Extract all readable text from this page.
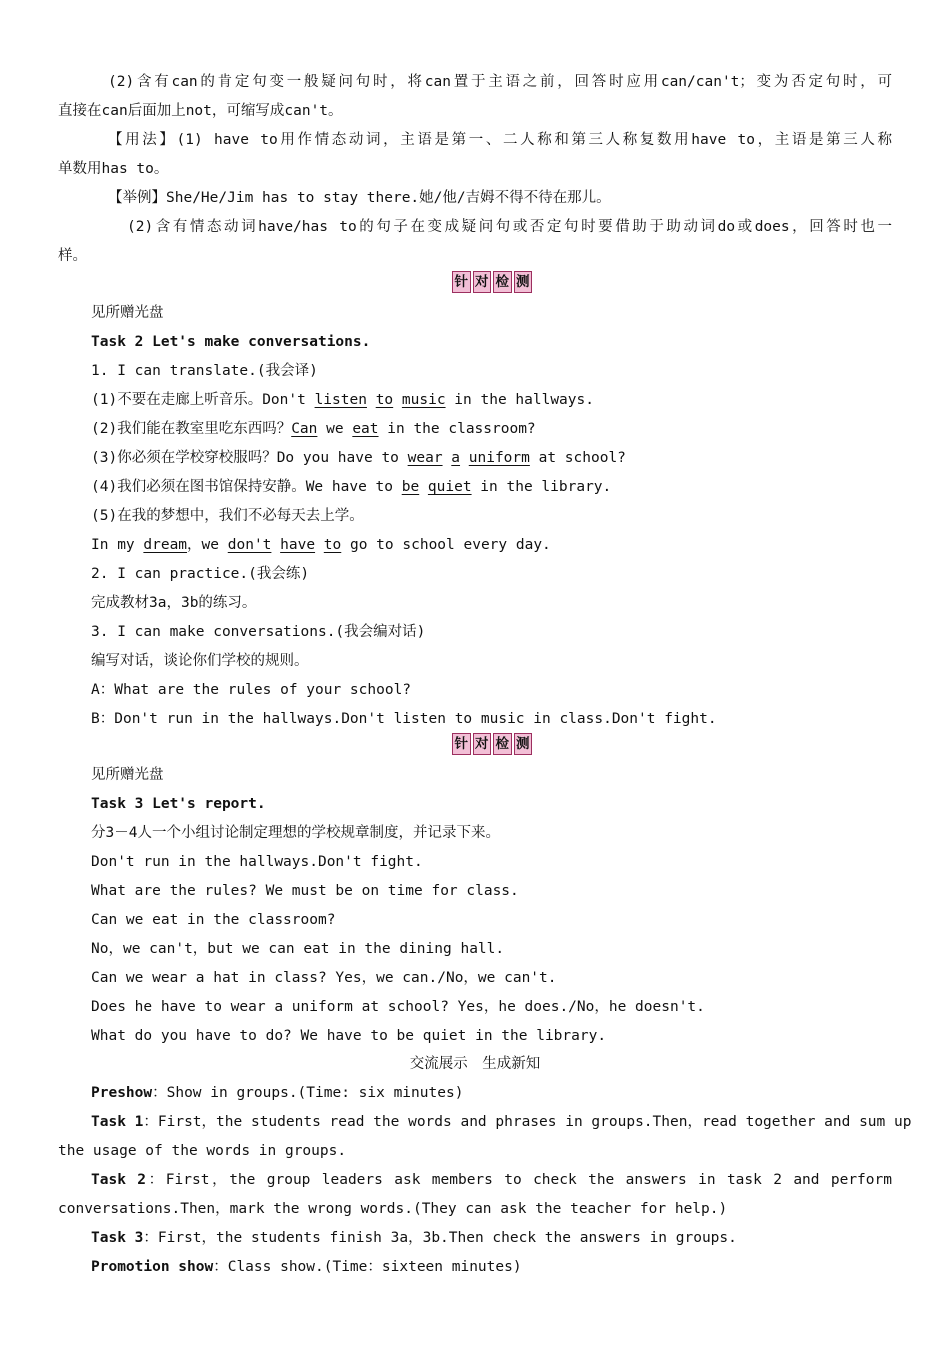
(2)含有can的肯定句变一般疑问句时，将can置于主语之前，回答时应用can/can't；变为否定句时，可
直接在can后面加上not，可缩写成can't。
【用法】(1) have to用作情态动词，主语是第一、二人称和第三人称复数用have to，主语是第三人称
单数用has to。
【举例】She/He/Jim has to stay there.她/他/吉姆不得不待在那儿。
(2)含有情态动词have/has to的句子在变成疑问句或否定句时要借助于助动词do或does，回答时也一
样。
针 对 检 测
见所赠光盘
Task 2 Let's make conversations.
1. I can translate.(我会译)
(1)不要在走廊上听音乐。Don't listen to music in the hallways.
(2)我们能在教室里吃东西吗？Can we eat in the classroom?
(3)你必须在学校穿校服吗？Do you have to wear a uniform at school?
(4)我们必须在图书馆保持安静。We have to be quiet in the library.
(5)在我的梦想中，我们不必每天去上学。
In my dream，we don't have to go to school every day.
2. I can practice.(我会练)
完成教材3a，3b的练习。
3. I can make conversations.(我会编对话)
编写对话，谈论你们学校的规则。
A：What are the rules of your school?
B：Don't run in the hallways.Don't listen to music in class.Don't fight.
针 对 检 测
见所赠光盘
Task 3 Let's report.
分3－4人一个小组讨论制定理想的学校规章制度，并记录下来。
Don't run in the hallways.Don't fight.
What are the rules? We must be on time for class.
Can we eat in the classroom?
No，we can't，but we can eat in the dining hall.
Can we wear a hat in class? Yes，we can./No，we can't.
Does he have to wear a uniform at school? Yes，he does./No，he doesn't.
What do you have to do? We have to be quiet in the library.
交流展示　生成新知
Preshow：Show in groups.(Time: six minutes)
Task 1：First，the students read the words and phrases in groups.Then，read together and sum up
the usage of the words in groups.
Task 2：First，the group leaders ask members to check the answers in task 2 and perform
conversations.Then，mark the wrong words.(They can ask the teacher for help.)
Task 3：First，the students finish 3a，3b.Then check the answers in groups.
Promotion show：Class show.(Time：sixteen minutes)
